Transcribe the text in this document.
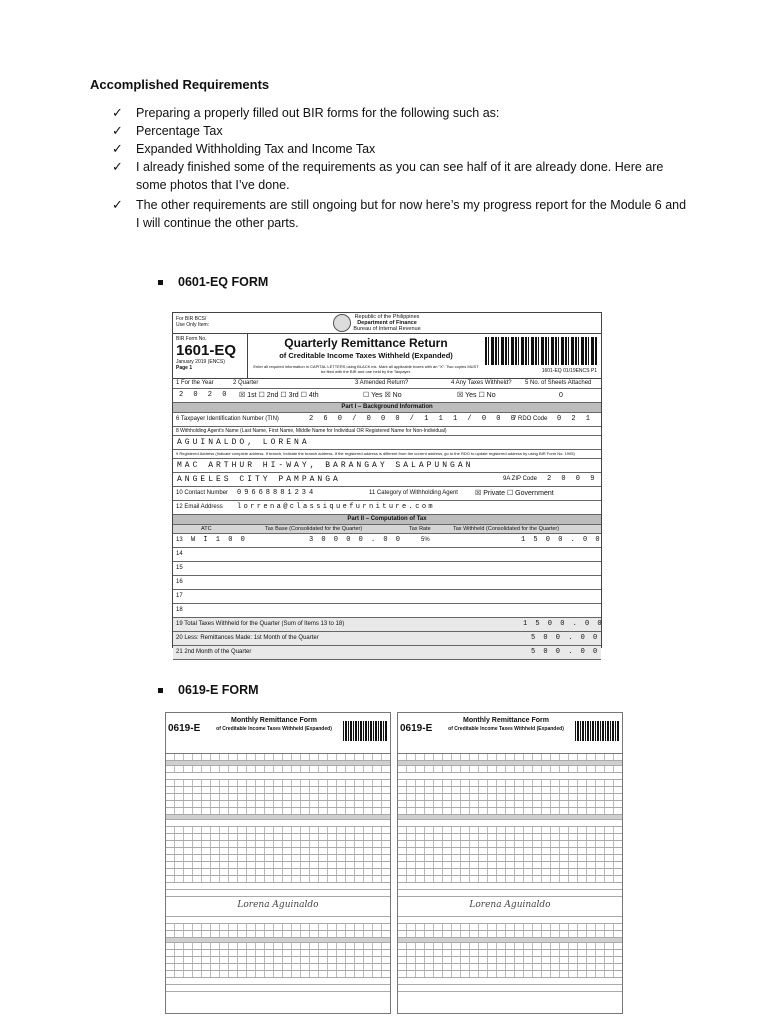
Accomplished Requirements
✓ Preparing a properly filled out BIR forms for the following such as:
✓ Percentage Tax
✓ Expanded Withholding Tax and Income Tax
✓ I already finished some of the requirements as you can see half of it are already done. Here are some photos that I’ve done.
✓ The other requirements are still ongoing but for now here’s my progress report for the Module 6 and I will continue the other parts.
0601-EQ FORM
For BIR BCS/
Use Only Item:
Republic of the Philippines
Department of Finance
Bureau of Internal Revenue
BIR Form No.
1601-EQ
January 2019 (ENCS)
Page 1
Quarterly Remittance Return
of Creditable Income Taxes Withheld (Expanded)
Enter all required information in CAPITAL LETTERS using BLACK ink. Mark all applicable boxes with an "X". Two copies MUST be filed with the BIR and one held by the Taxpayer.	1601-EQ 01/19ENCS P1
1 For the Year	2 Quarter	3 Amended Return?	4 Any Taxes Withheld? 5 No. of Sheets Attached
2 0 2 0 ☒ 1st ☐ 2nd ☐ 3rd ☐ 4th	☐ Yes ☒ No	☒ Yes ☐ No	0
Part I – Background Information
6 Taxpayer Identification Number (TIN)	2 6 0 / 0 0 0 / 1 1 1 / 0 0 0
7 RDO Code 0 2 1
8 Withholding Agent's Name (Last Name, First Name, Middle Name for Individual OR Registered Name for Non-Individual)
AGUINALDO, LORENA
9 Registered Address (Indicate complete address. If branch, indicate the branch address. If the registered address is different from the current address, go to the RDO to update registered address by using BIR Form No. 1905)
MAC ARTHUR HI-WAY, BARANGAY SALAPUNGAN
ANGELES CITY PAMPANGA	9A ZIP Code 2 0 0 9
10 Contact Number 09668881234	11 Category of Withholding Agent ☒ Private ☐ Government
12 Email Address lorrena@classiquefurniture.com
Part II – Computation of Tax
ATC	Tax Base (Consolidated for the Quarter)	Tax Rate	Tax Withheld (Consolidated for the Quarter)
13 W I 1 0 0	3 0 0 0 0 . 0 0	5%	1 5 0 0 . 0 0
14
15
16
17
18
19 Total Taxes Withheld for the Quarter (Sum of Items 13 to 18)	1 5 0 0 . 0 0
20 Less: Remittances Made: 1st Month of the Quarter	5 0 0 . 0 0
21 2nd Month of the Quarter	5 0 0 . 0 0
0619-E FORM
0619-E
Monthly Remittance Form
of Creditable Income Taxes Withheld (Expanded)
Lorena Aguinaldo
0619-E
Monthly Remittance Form
of Creditable Income Taxes Withheld (Expanded)
Lorena Aguinaldo
